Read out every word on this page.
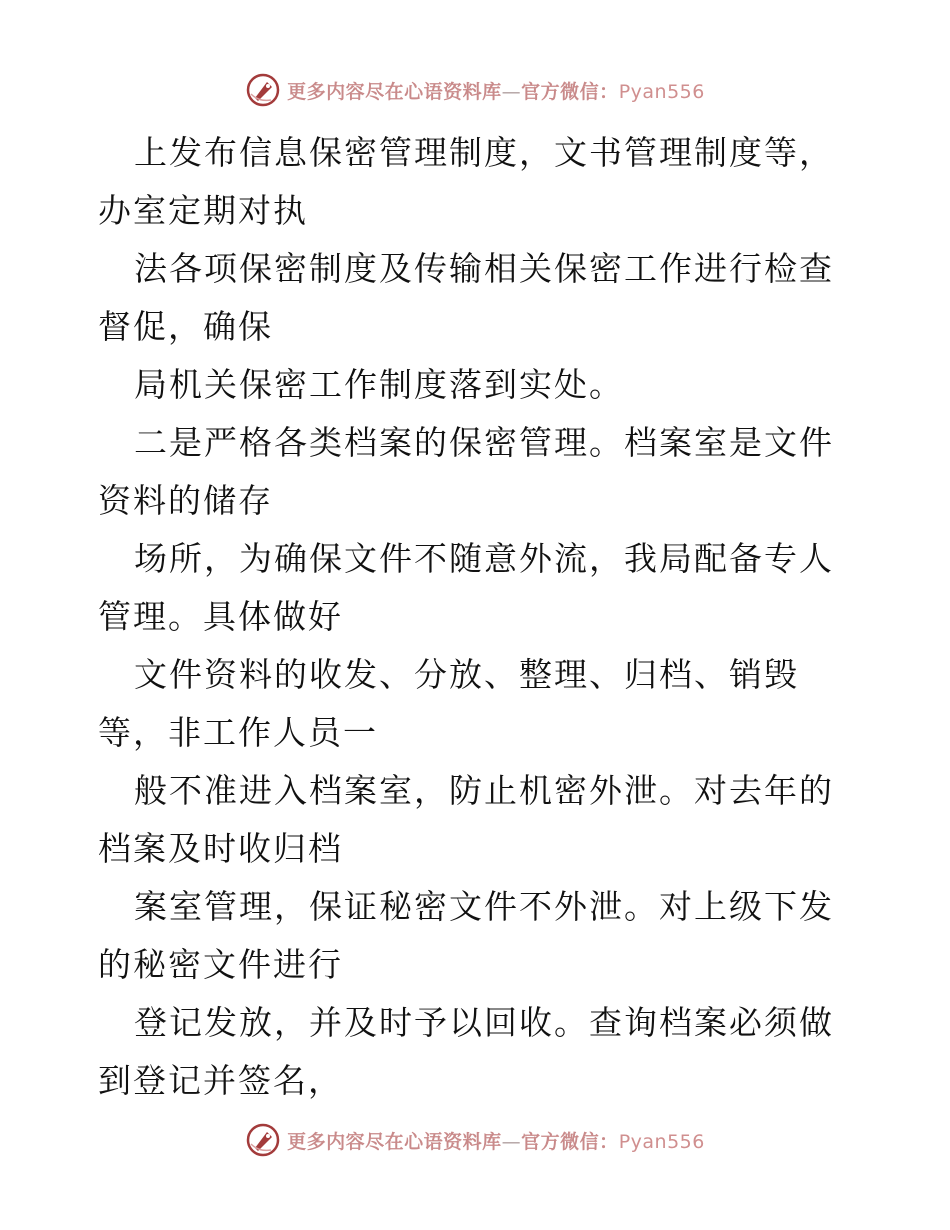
更多内容尽在心语资料库—官方微信：Pyan556

上发布信息保密管理制度，文书管理制度等，办室定期对执

法各项保密制度及传输相关保密工作进行检查督促，确保

局机关保密工作制度落到实处。

二是严格各类档案的保密管理。档案室是文件资料的储存

场所，为确保文件不随意外流，我局配备专人管理。具体做好

文件资料的收发、分放、整理、归档、销毁等，非工作人员一

般不准进入档案室，防止机密外泄。对去年的档案及时收归档

案室管理，保证秘密文件不外泄。对上级下发的秘密文件进行

登记发放，并及时予以回收。查询档案必须做到登记并签名，

更多内容尽在心语资料库—官方微信：Pyan556
